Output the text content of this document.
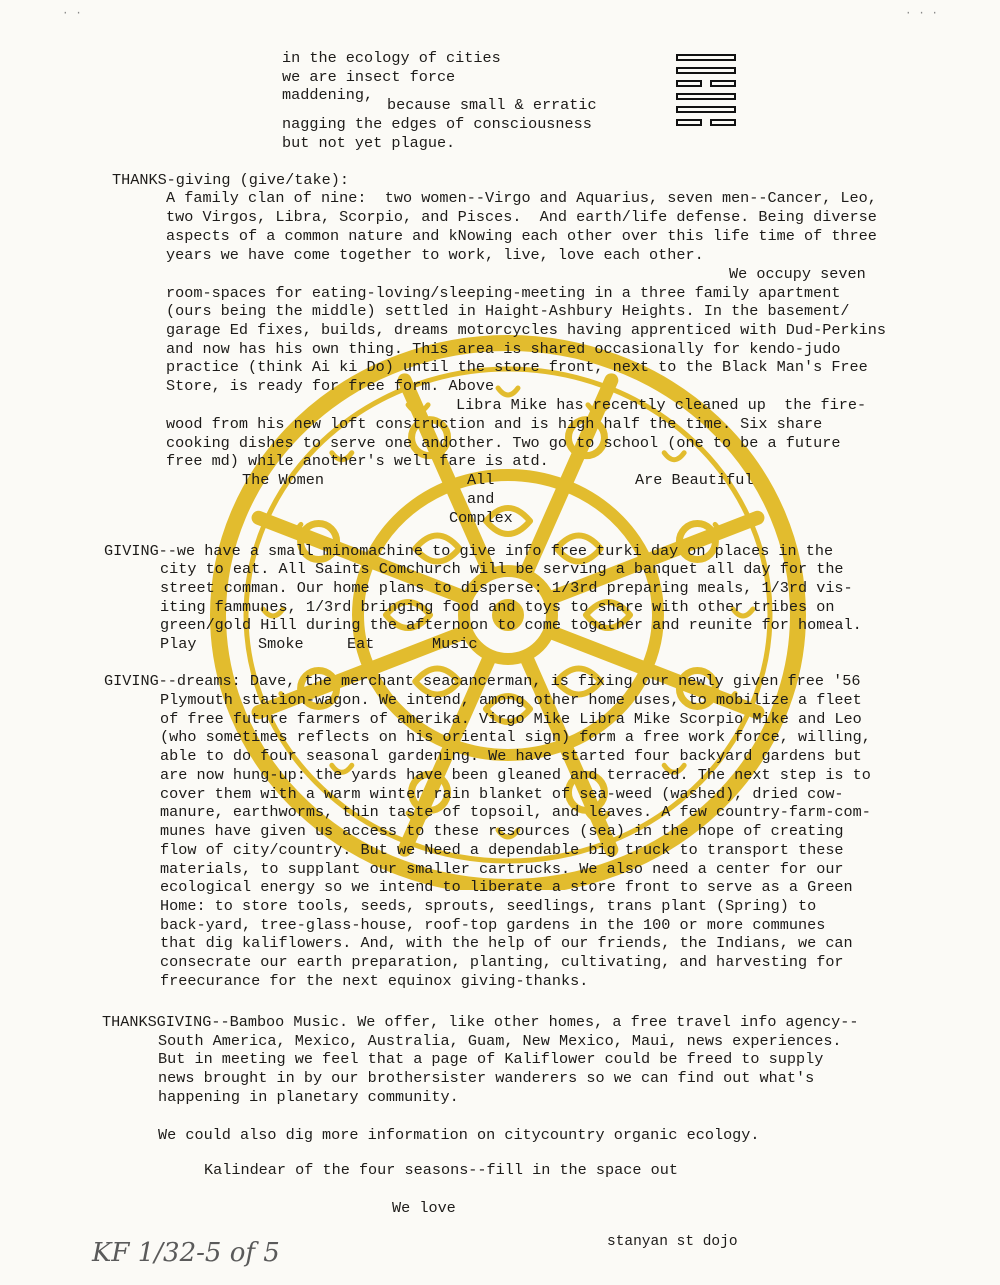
· ·	· · ·
in the ecology of cities
we are insect force
maddening,
because small & erratic
nagging the edges of consciousness
but not yet plague.
THANKS-giving (give/take):
A family clan of nine:  two women--Virgo and Aquarius, seven men--Cancer, Leo,
two Virgos, Libra, Scorpio, and Pisces.  And earth/life defense. Being diverse
aspects of a common nature and kNowing each other over this life time of three
years we have come together to work, live, love each other.
We occupy seven
room-spaces for eating-loving/sleeping-meeting in a three family apartment
(ours being the middle) settled in Haight-Ashbury Heights. In the basement/
garage Ed fixes, builds, dreams motorcycles having apprenticed with Dud-Perkins
and now has his own thing. This area is shared occasionally for kendo-judo
practice (think Ai ki Do) until the store front, next to the Black Man's Free
Store, is ready for free form. Above
Libra Mike has recently cleaned up  the fire-
wood from his new loft construction and is high half the time. Six share
cooking dishes to serve one andother. Two go to school (one to be a future
free md) while another's well fare is atd.
The Women	All	Are Beautiful
and
Complex
GIVING--we have a small minomachine to give info free turki day on places in the
city to eat. All Saints Comchurch will be serving a banquet all day for the
street comman. Our home plans to disperse: 1/3rd preparing meals, 1/3rd vis-
iting fammunes, 1/3rd bringing food and toys to share with other tribes on
green/gold Hill during the afternoon to come togather and reunite for homeal.
Play	Smoke	Eat	Music
GIVING--dreams: Dave, the merchant seacancerman, is fixing our newly given free '56
Plymouth station-wagon. We intend, among other home uses, to mobilize a fleet
of free future farmers of amerika. Virgo Mike Libra Mike Scorpio Mike and Leo
(who sometimes reflects on his oriental sign) form a free work force, willing,
able to do four seasonal gardening. We have started four backyard gardens but
are now hung-up: the yards have been gleaned and terraced. The next step is to
cover them with a warm winter rain blanket of sea-weed (washed), dried cow-
manure, earthworms, thin taste of topsoil, and leaves. A few country-farm-com-
munes have given us access to these resources (sea) in the hope of creating
flow of city/country. But we Need a dependable big truck to transport these
materials, to supplant our smaller cartrucks. We also need a center for our
ecological energy so we intend to liberate a store front to serve as a Green
Home: to store tools, seeds, sprouts, seedlings, trans plant (Spring) to
back-yard, tree-glass-house, roof-top gardens in the 100 or more communes
that dig kaliflowers. And, with the help of our friends, the Indians, we can
consecrate our earth preparation, planting, cultivating, and harvesting for
freecurance for the next equinox giving-thanks.
THANKSGIVING--Bamboo Music. We offer, like other homes, a free travel info agency--
South America, Mexico, Australia, Guam, New Mexico, Maui, news experiences.
But in meeting we feel that a page of Kaliflower could be freed to supply
news brought in by our brothersister wanderers so we can find out what's
happening in planetary community.
We could also dig more information on citycountry organic ecology.
Kalindear of the four seasons--fill in the space out
We love
stanyan st dojo
KF 1/32-5 of 5
